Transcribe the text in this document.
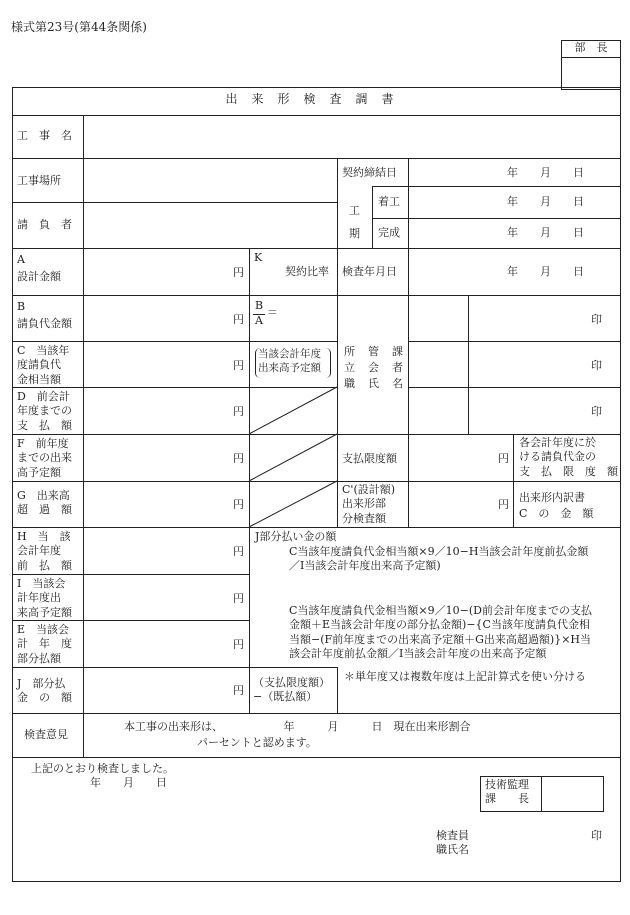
様式第23号(第44条関係)
部　長
出来形検査調書
工　事　名
工事場所
請　負　者
A
設計金額
B
請負代金額
C　当該年
度請負代
金相当額
D　前会計
年度までの
支　払　額
F　前年度
までの出来
高予定額
G　出来高
超　過　額
H　当　該
会計年度
前　払　額
I　当該会
計年度出
来高予定額
E　当該会
計　年　度
部分払額
J　部分払
金　の　額
円
円
円
円
円
円
円
円
円
円
円
円
契約締結日
工
期
着工
完成
年　　月　　日
年　　月　　日
年　　月　　日
K
契約比率 検査年月日	年　　月　　日
B
A
＝
当該会計年度
出来高予定額
所　管　課
立　会　者
職　氏　名
印
印
印
支払限度額
各会計年度に於
ける請負代金の
支　払　限　度　額
C'(設計額)
出来形部
分検査額
出来形内訳書
C　の　金　額
J部分払い金の額
C当該年度請負代金相当額×9／10−H当該会計年度前払金額
／I当該会計年度出来高予定額)
C当該年度請負代金相当額×9／10−(D前会計年度までの支払
金額＋E当該会計年度の部分払金額)−{C当該年度請負代金相
当額−(F前年度までの出来高予定額＋G出来高超過額)}×H当
該会計年度前払金額／I当該会計年度の出来高予定額
＊単年度又は複数年度は上記計算式を使い分ける
（支払限度額）
−（既払額）
検査意見
本工事の出来形は、　　　　　　年　　　月　　　日　現在出来形割合
パーセントと認めます。
上記のとおり検査しました。
年　　月　　日	技術監理
課　　長
検査員
職氏名
印
